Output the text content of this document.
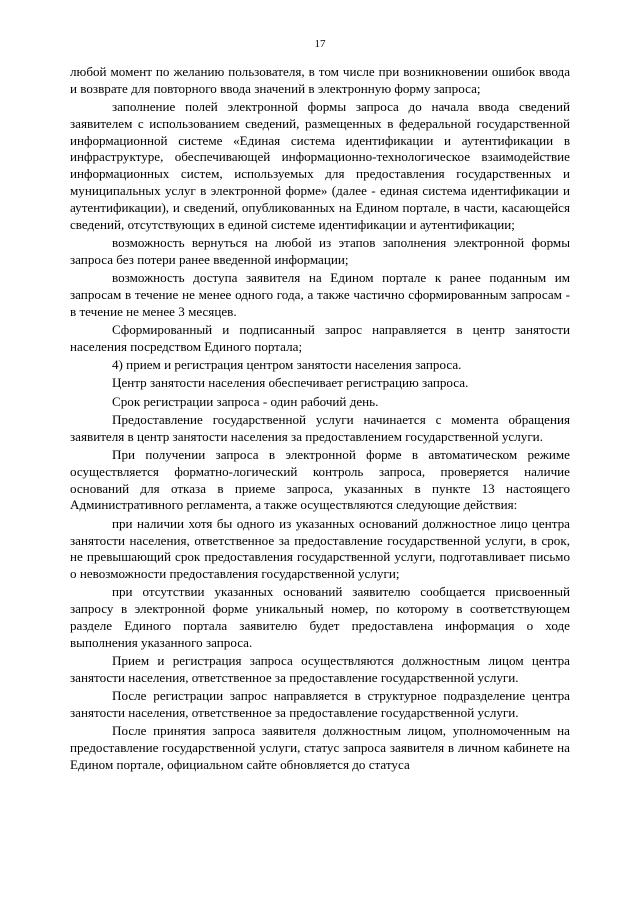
17

любой момент по желанию пользователя, в том числе при возникновении ошибок ввода и возврате для повторного ввода значений в электронную форму запроса;

заполнение полей электронной формы запроса до начала ввода сведений заявителем с использованием сведений, размещенных в федеральной государственной информационной системе «Единая система идентификации и аутентификации в инфраструктуре, обеспечивающей информационно-технологическое взаимодействие информационных систем, используемых для предоставления государственных и муниципальных услуг в электронной форме» (далее - единая система идентификации и аутентификации), и сведений, опубликованных на Едином портале, в части, касающейся сведений, отсутствующих в единой системе идентификации и аутентификации;

возможность вернуться на любой из этапов заполнения электронной формы запроса без потери ранее введенной информации;

возможность доступа заявителя на Едином портале к ранее поданным им запросам в течение не менее одного года, а также частично сформированным запросам - в течение не менее 3 месяцев.

Сформированный и подписанный запрос направляется в центр занятости населения посредством Единого портала;

4) прием и регистрация центром занятости населения запроса.

Центр занятости населения обеспечивает регистрацию запроса.

Срок регистрации запроса - один рабочий день.

Предоставление государственной услуги начинается с момента обращения заявителя в центр занятости населения за предоставлением государственной услуги.

При получении запроса в электронной форме в автоматическом режиме осуществляется форматно-логический контроль запроса, проверяется наличие оснований для отказа в приеме запроса, указанных в пункте 13 настоящего Административного регламента, а также осуществляются следующие действия:

при наличии хотя бы одного из указанных оснований должностное лицо центра занятости населения, ответственное за предоставление государственной услуги, в срок, не превышающий срок предоставления государственной услуги, подготавливает письмо о невозможности предоставления государственной услуги;

при отсутствии указанных оснований заявителю сообщается присвоенный запросу в электронной форме уникальный номер, по которому в соответствующем разделе Единого портала заявителю будет предоставлена информация о ходе выполнения указанного запроса.

Прием и регистрация запроса осуществляются должностным лицом центра занятости населения, ответственное за предоставление государственной услуги.

После регистрации запрос направляется в структурное подразделение центра занятости населения, ответственное за предоставление государственной услуги.

После принятия запроса заявителя должностным лицом, уполномоченным на предоставление государственной услуги, статус запроса заявителя в личном кабинете на Едином портале, официальном сайте обновляется до статуса
